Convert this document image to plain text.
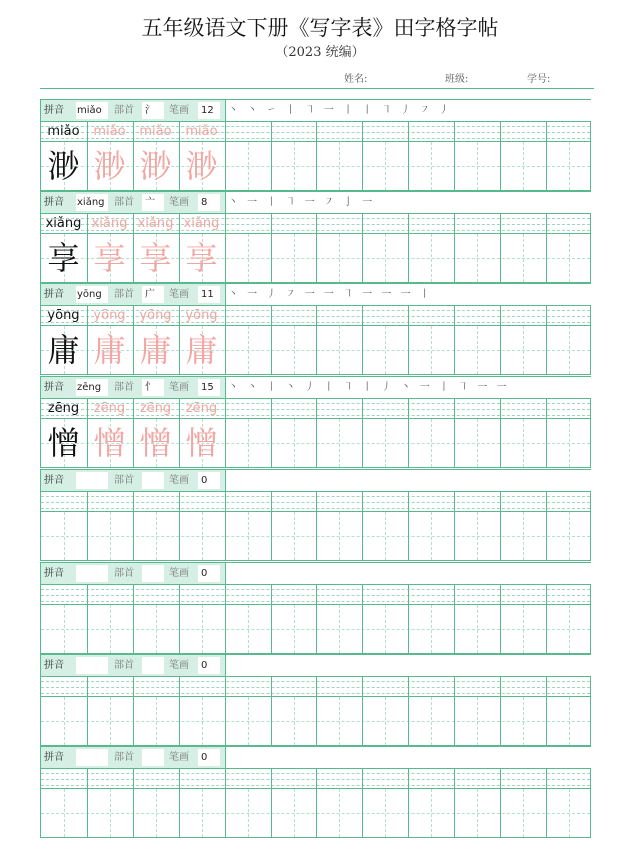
五年级语文下册《写字表》田字格字帖
（2023 统编）
姓名:	班级:	学号:
拼音 miǎo 部首 氵 笔画 12 丶 丶 ㇀ 丨 ㇕ 一 丨 丨 ㇕ 丿 ㇇ 丿
miǎo
渺
miǎo
渺
miǎo
渺
miǎo
渺
拼音 xiǎng 部首 亠 笔画 8 丶 一 丨 ㇕ 一 ㇇ 亅 一
xiǎng
享
xiǎng
享
xiǎng
享
xiǎng
享
拼音 yōng 部首 广 笔画 11 丶 一 丿 ㇇ 一 一 ㇕ 一 一 一 丨
yōng
庸
yōng
庸
yōng
庸
yōng
庸
拼音 zēng 部首 忄 笔画 15 丶 丶 丨 丶 丿 丨 ㇕ 丨 丿 丶 一 丨 ㇕ 一 一
zēng
憎
zēng
憎
zēng
憎
zēng
憎
拼音	部首	笔画 0
拼音	部首	笔画 0
拼音	部首	笔画 0
拼音	部首	笔画 0
